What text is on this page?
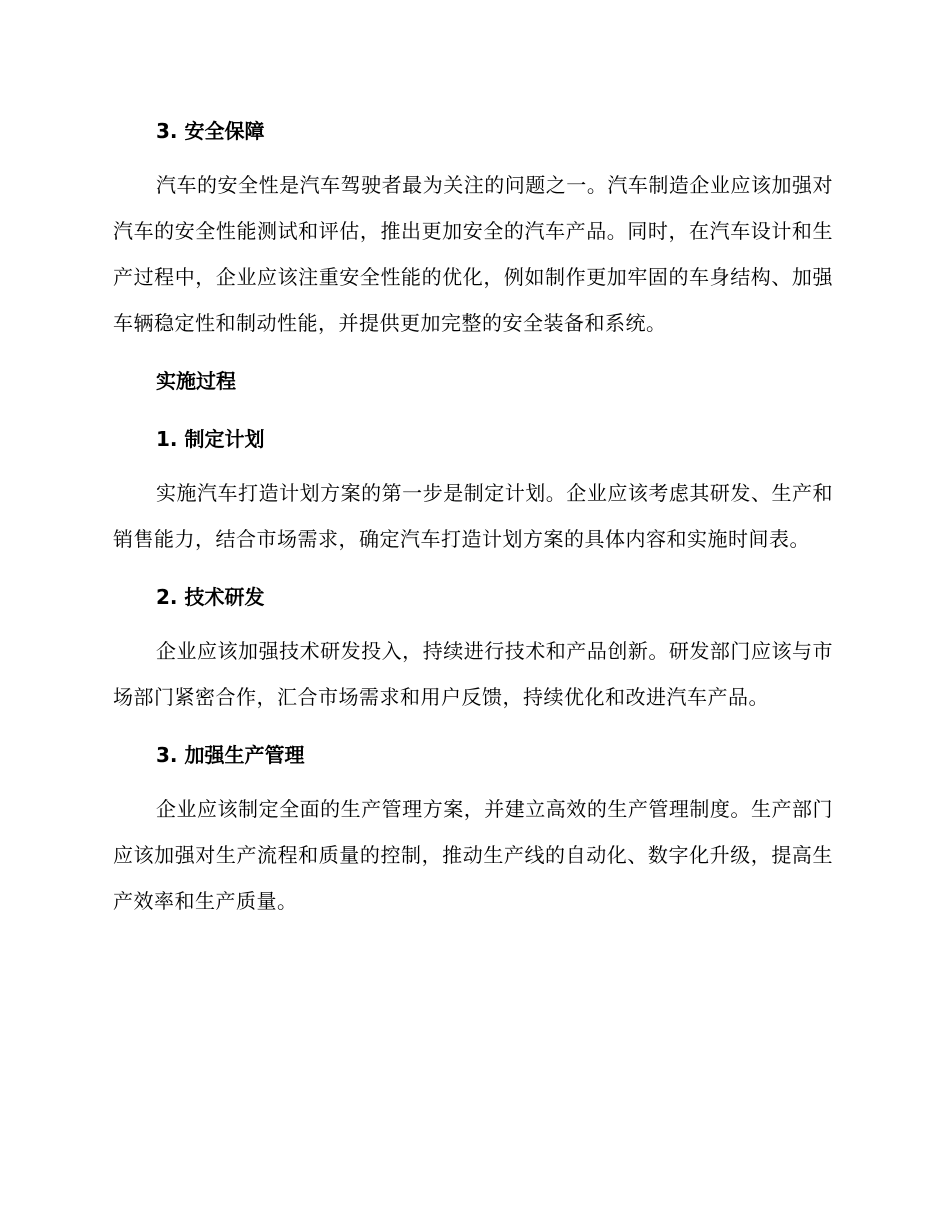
3. 安全保障

汽车的安全性是汽车驾驶者最为关注的问题之一。汽车制造企业应该加强对汽车的安全性能测试和评估，推出更加安全的汽车产品。同时，在汽车设计和生产过程中，企业应该注重安全性能的优化，例如制作更加牢固的车身结构、加强车辆稳定性和制动性能，并提供更加完整的安全装备和系统。

实施过程
1. 制定计划

实施汽车打造计划方案的第一步是制定计划。企业应该考虑其研发、生产和销售能力，结合市场需求，确定汽车打造计划方案的具体内容和实施时间表。

2. 技术研发

企业应该加强技术研发投入，持续进行技术和产品创新。研发部门应该与市场部门紧密合作，汇合市场需求和用户反馈，持续优化和改进汽车产品。

3. 加强生产管理

企业应该制定全面的生产管理方案，并建立高效的生产管理制度。生产部门应该加强对生产流程和质量的控制，推动生产线的自动化、数字化升级，提高生产效率和生产质量。
